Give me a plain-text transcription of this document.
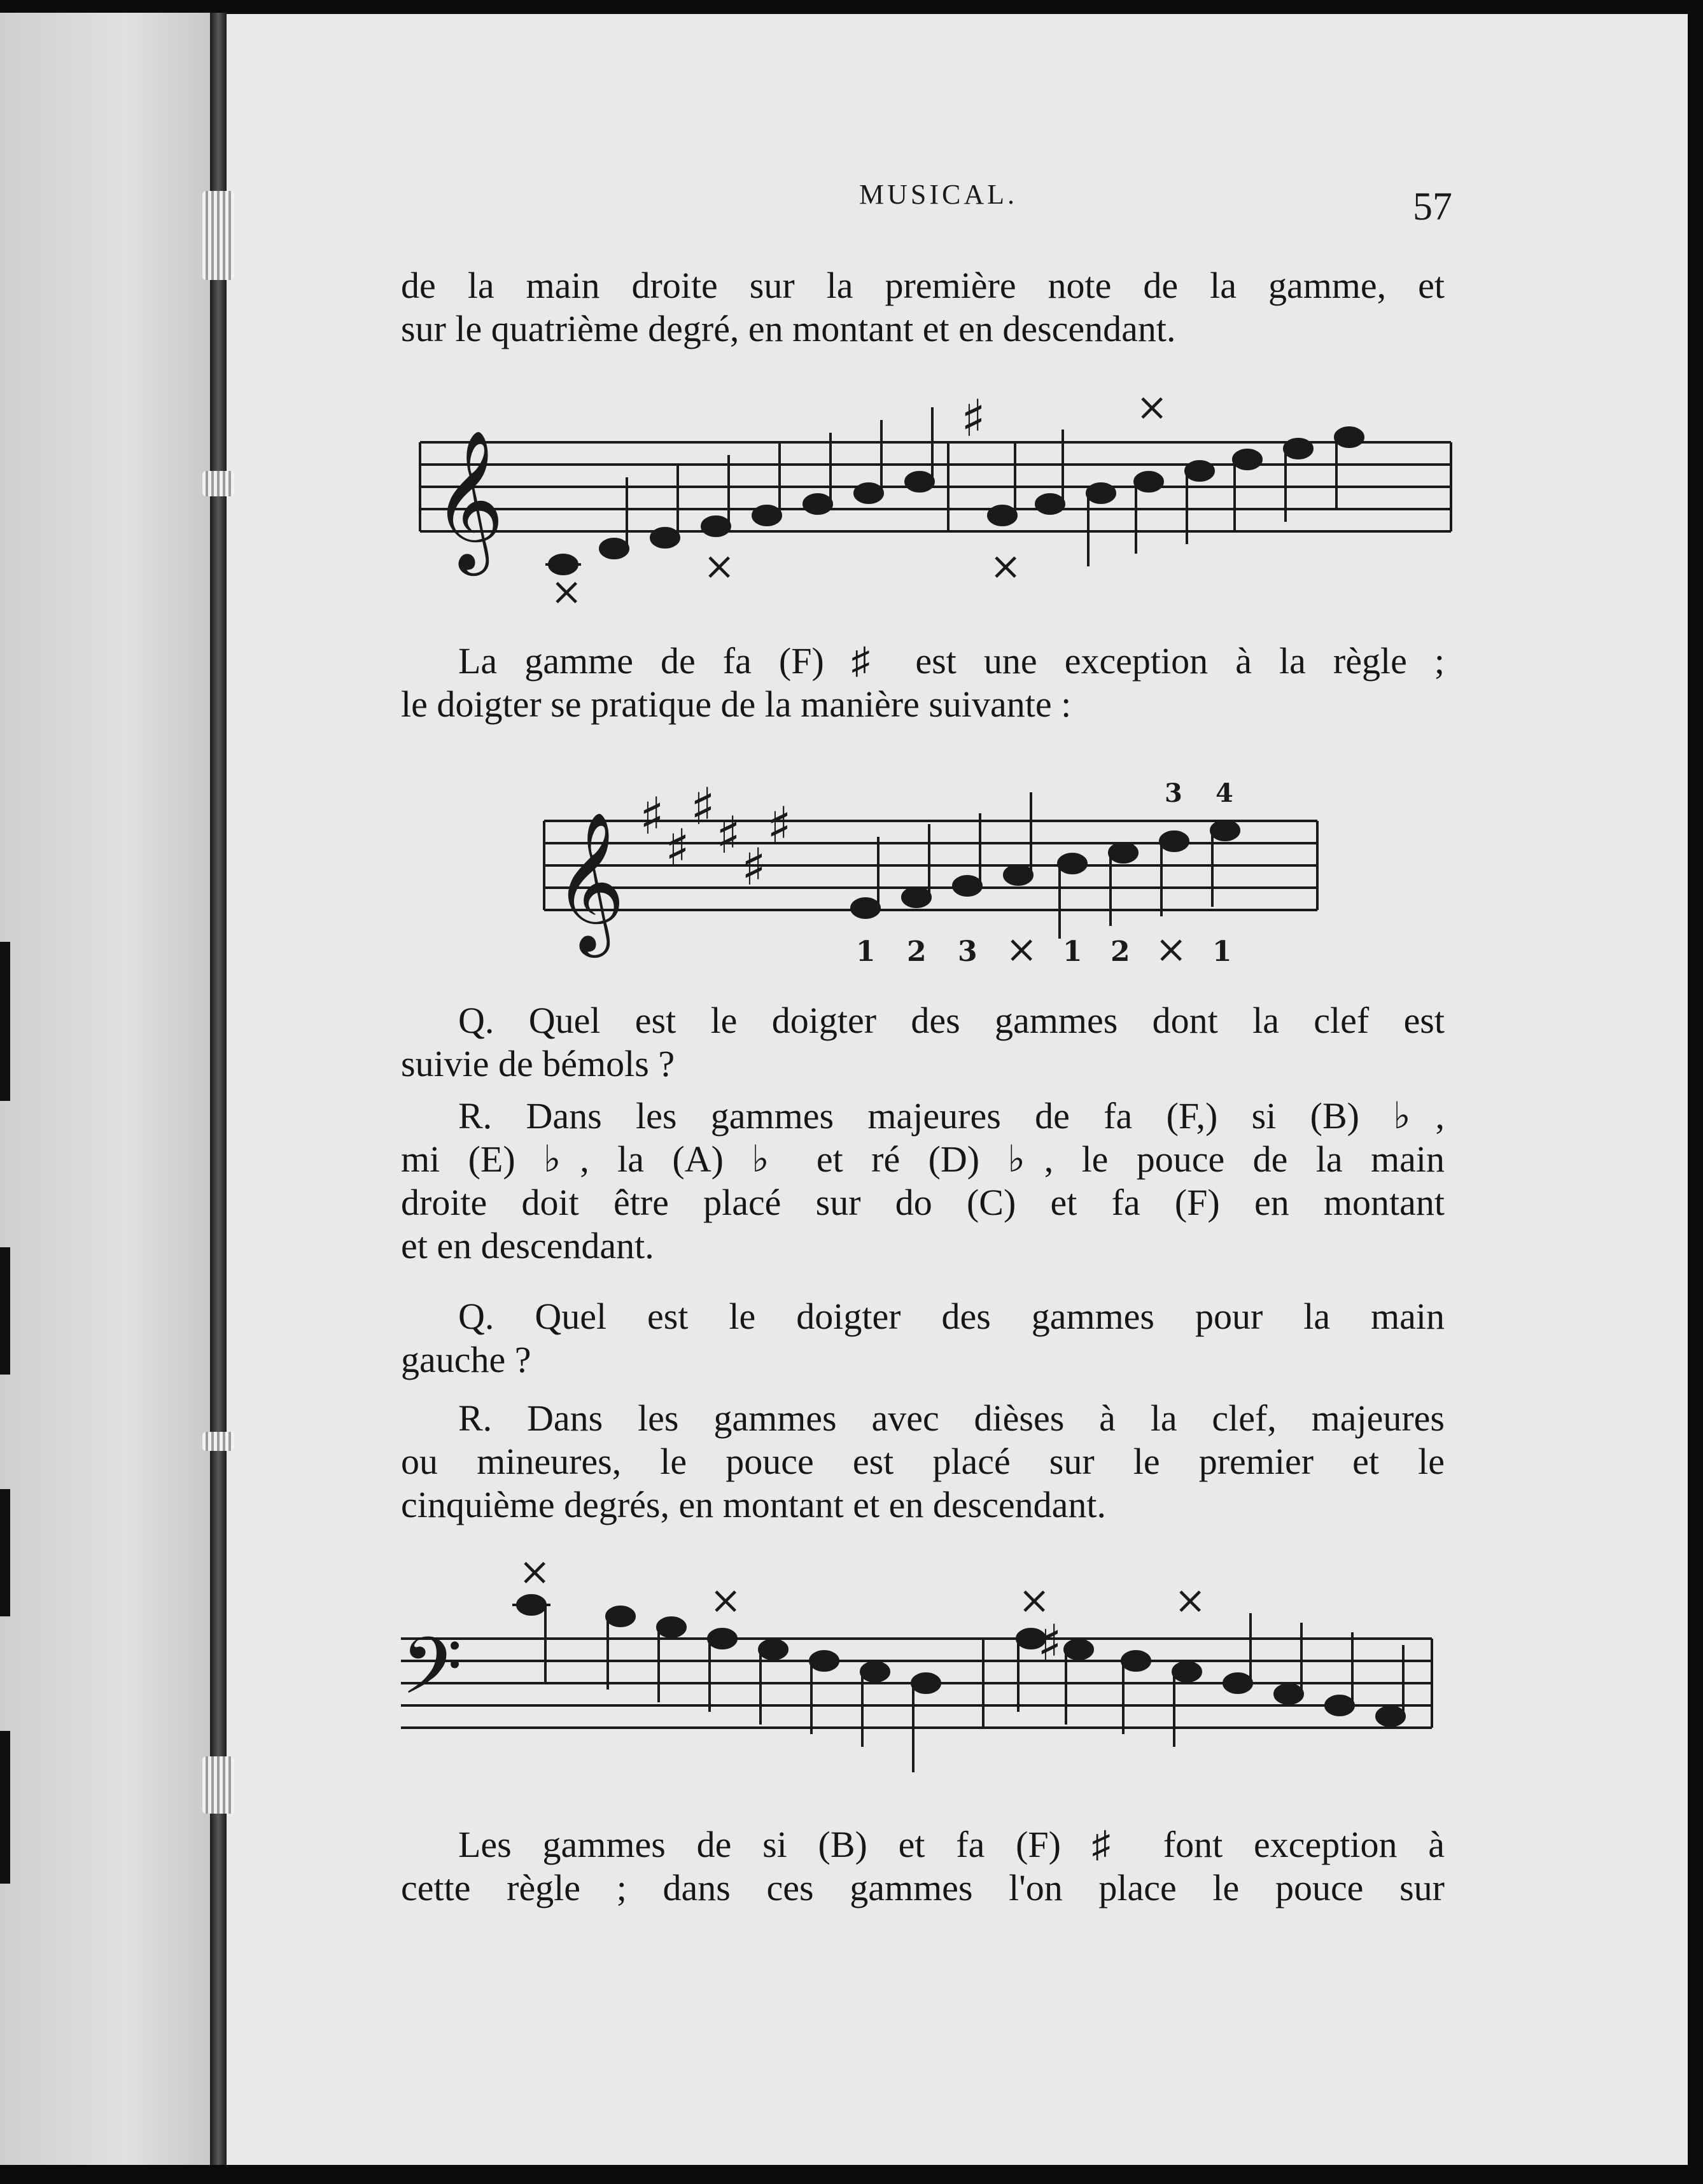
MUSICAL.	57
de la main droite sur la première note de la gamme, et
sur le quatrième degré, en montant et en descendant.
𝄞
♯
×
×	×
×
La gamme de fa (F) ♯ est une exception à la règle ;
le doigter se pratique de la manière suivante :
𝄞 ♯
♯
♯ ♯
♯
♯
3 4
1 2 3 × 1 2 × 1
Q. Quel est le doigter des gammes dont la clef est
suivie de bémols ?
R. Dans les gammes majeures de fa (F,) si (B) ♭,
mi (E) ♭, la (A) ♭ et ré (D) ♭, le pouce de la main
droite doit être placé sur do (C) et fa (F) en montant
et en descendant.
Q. Quel est le doigter des gammes pour la main
gauche ?
R. Dans les gammes avec dièses à la clef, majeures
ou mineures, le pouce est placé sur le premier et le
cinquième degrés, en montant et en descendant.
𝄢	♯
×
×	×	×
Les gammes de si (B) et fa (F) ♯ font exception à
cette règle ; dans ces gammes l'on place le pouce sur
